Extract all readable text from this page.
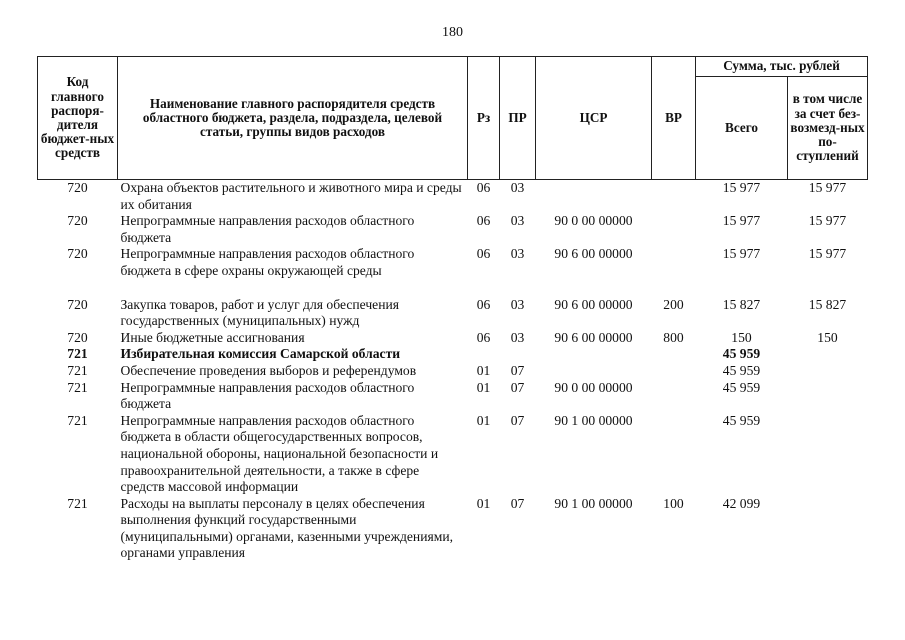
180
Код главного распоря-дителя бюджет-ных средств	Наименование главного распорядителя средств областного бюджета, раздела, подраздела, целевой статьи, группы видов расходов	Рз	ПР	ЦСР	ВР	Сумма, тыс. рублей	
						Всего	в том числе за счет без-возмезд-ных по-ступлений
720	Охрана объектов растительного и животного мира и среды их обитания	06	03			15 977	15 977
720	Непрограммные направления расходов областного бюджета	06	03	90 0 00 00000		15 977	15 977
720	Непрограммные направления расходов областного бюджета в сфере охраны окружающей среды	06	03	90 6 00 00000		15 977	15 977
720	Закупка товаров, работ и услуг для обеспечения государственных (муниципальных) нужд	06	03	90 6 00 00000	200	15 827	15 827
720	Иные бюджетные ассигнования	06	03	90 6 00 00000	800	150	150
721	Избирательная комиссия Самарской области					45 959	
721	Обеспечение проведения выборов и референдумов	01	07			45 959	
721	Непрограммные направления расходов областного бюджета	01	07	90 0 00 00000		45 959	
721	Непрограммные направления расходов областного бюджета в области общегосударственных вопросов, национальной обороны, национальной безопасности и правоохранительной деятельности, а также в сфере средств массовой информации	01	07	90 1 00 00000		45 959	
721	Расходы на выплаты персоналу в целях обеспечения выполнения функций государственными (муниципальными) органами, казенными учреждениями, органами управления	01	07	90 1 00 00000	100	42 099	
